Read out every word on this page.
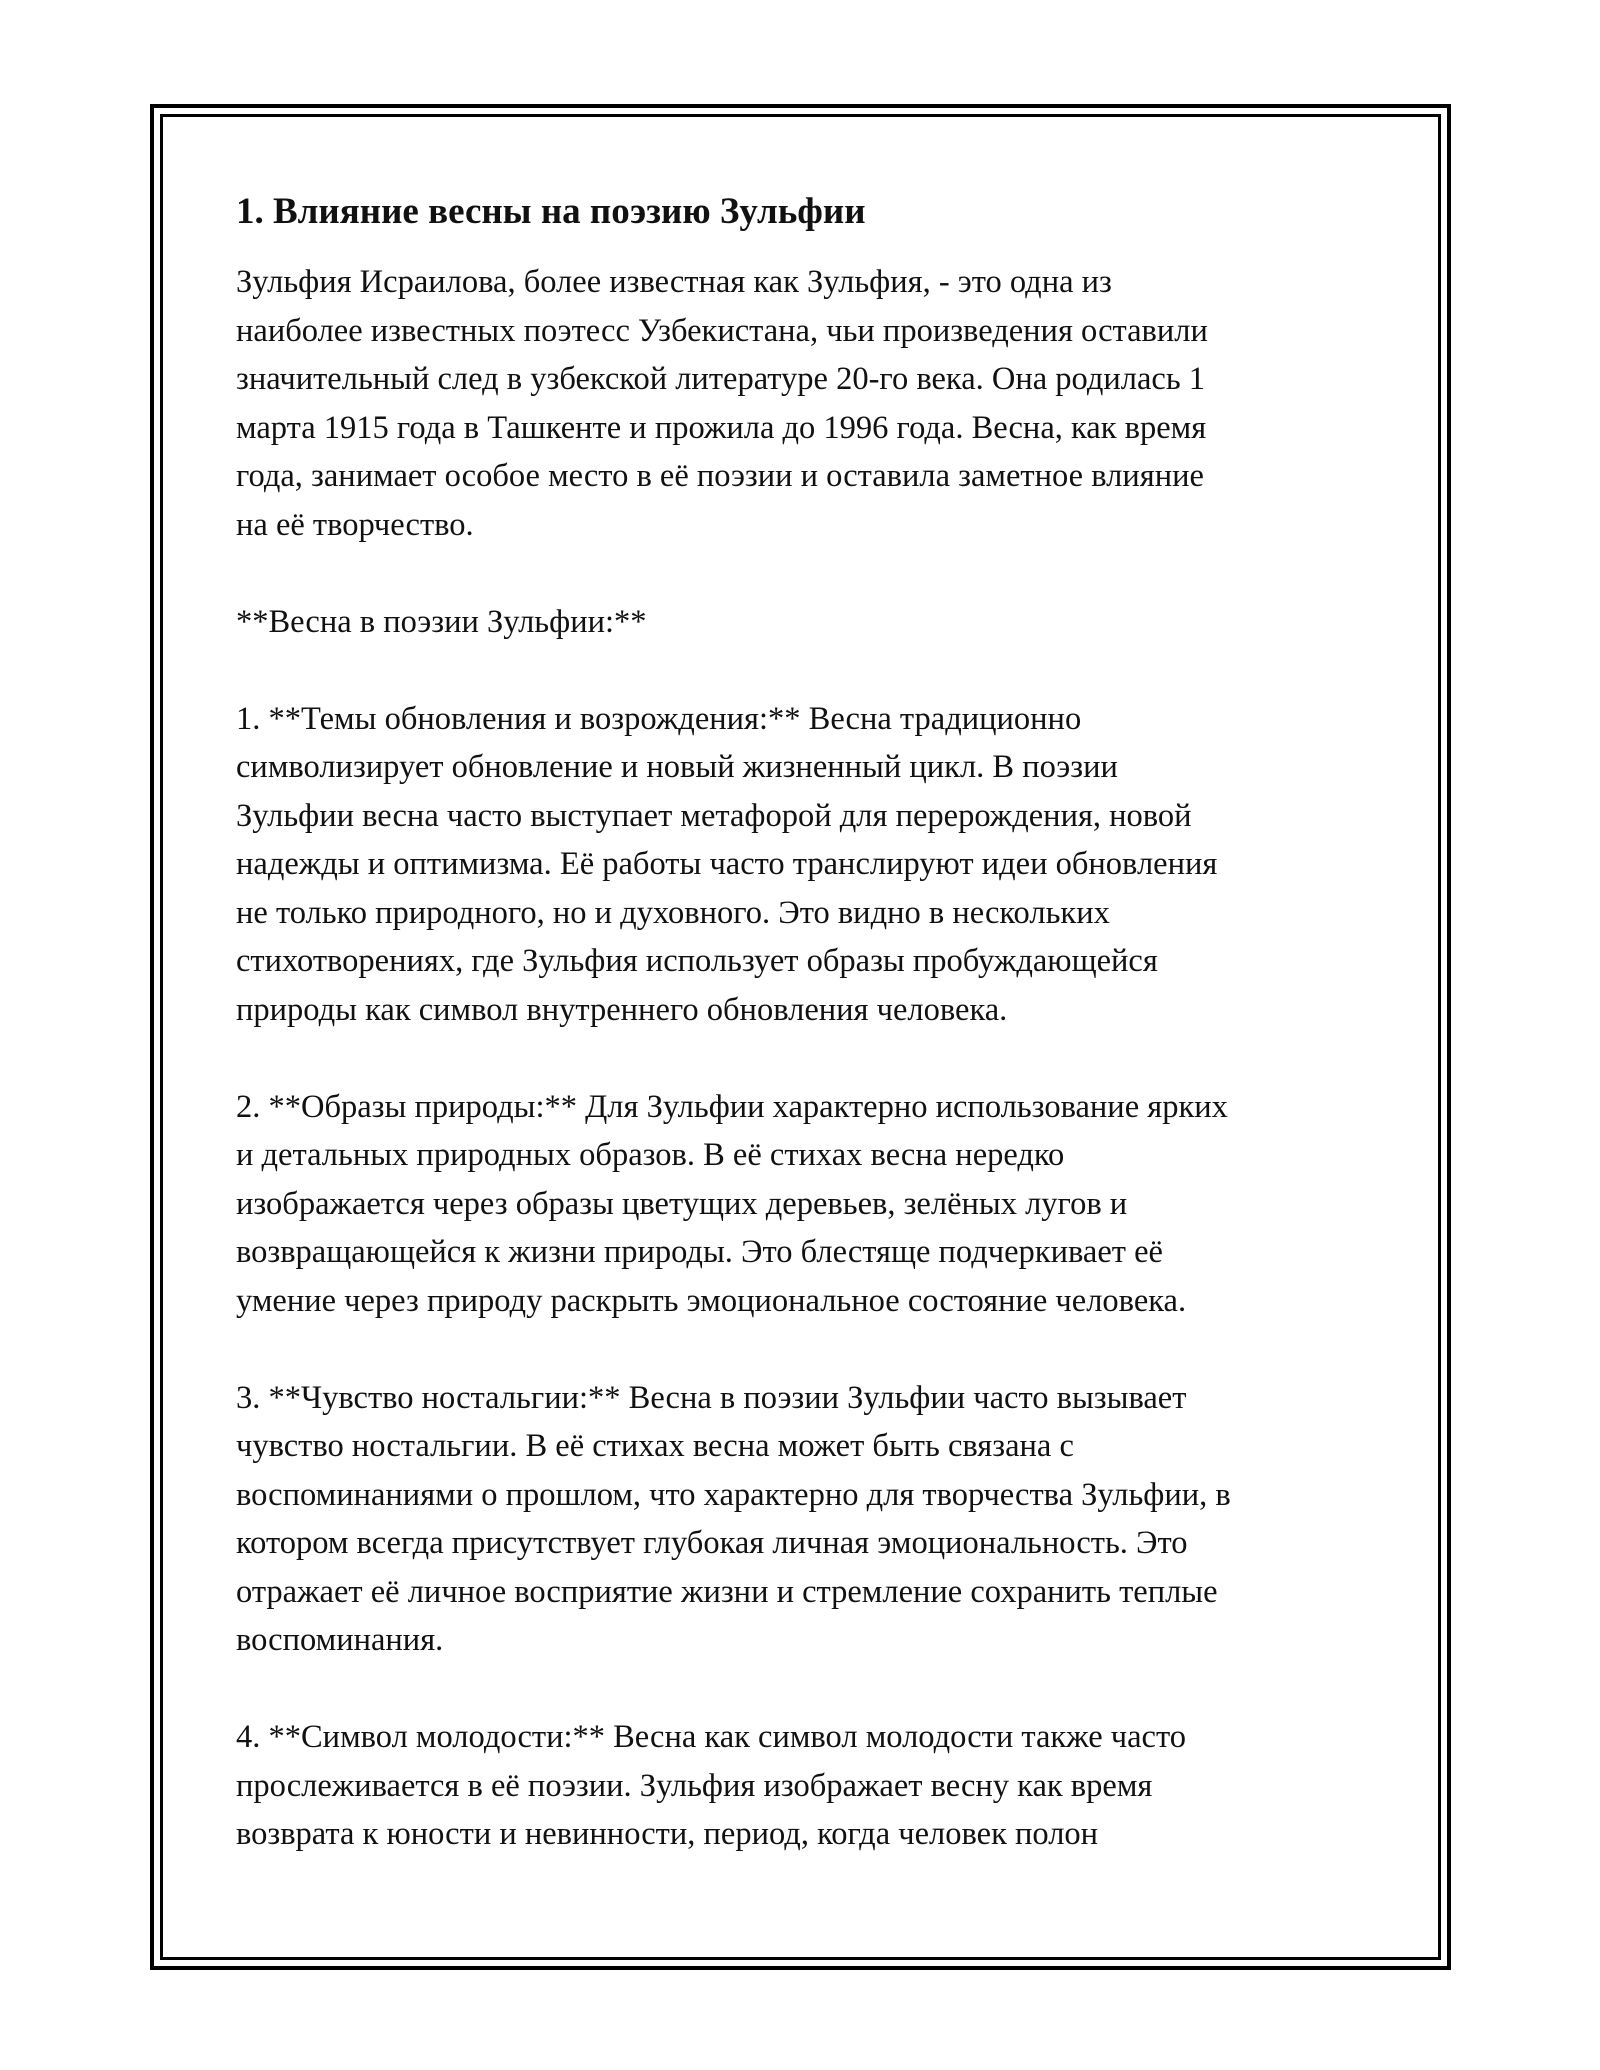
1. Влияние весны на поэзию Зульфии

Зульфия Исраилова, более известная как Зульфия, - это одна из
наиболее известных поэтесс Узбекистана, чьи произведения оставили
значительный след в узбекской литературе 20-го века. Она родилась 1
марта 1915 года в Ташкенте и прожила до 1996 года. Весна, как время
года, занимает особое место в её поэзии и оставила заметное влияние
на её творчество.

**Весна в поэзии Зульфии:**

1. **Темы обновления и возрождения:** Весна традиционно
символизирует обновление и новый жизненный цикл. В поэзии
Зульфии весна часто выступает метафорой для перерождения, новой
надежды и оптимизма. Её работы часто транслируют идеи обновления
не только природного, но и духовного. Это видно в нескольких
стихотворениях, где Зульфия использует образы пробуждающейся
природы как символ внутреннего обновления человека.

2. **Образы природы:** Для Зульфии характерно использование ярких
и детальных природных образов. В её стихах весна нередко
изображается через образы цветущих деревьев, зелёных лугов и
возвращающейся к жизни природы. Это блестяще подчеркивает её
умение через природу раскрыть эмоциональное состояние человека.

3. **Чувство ностальгии:** Весна в поэзии Зульфии часто вызывает
чувство ностальгии. В её стихах весна может быть связана с
воспоминаниями о прошлом, что характерно для творчества Зульфии, в
котором всегда присутствует глубокая личная эмоциональность. Это
отражает её личное восприятие жизни и стремление сохранить теплые
воспоминания.

4. **Символ молодости:** Весна как символ молодости также часто
прослеживается в её поэзии. Зульфия изображает весну как время
возврата к юности и невинности, период, когда человек полон
